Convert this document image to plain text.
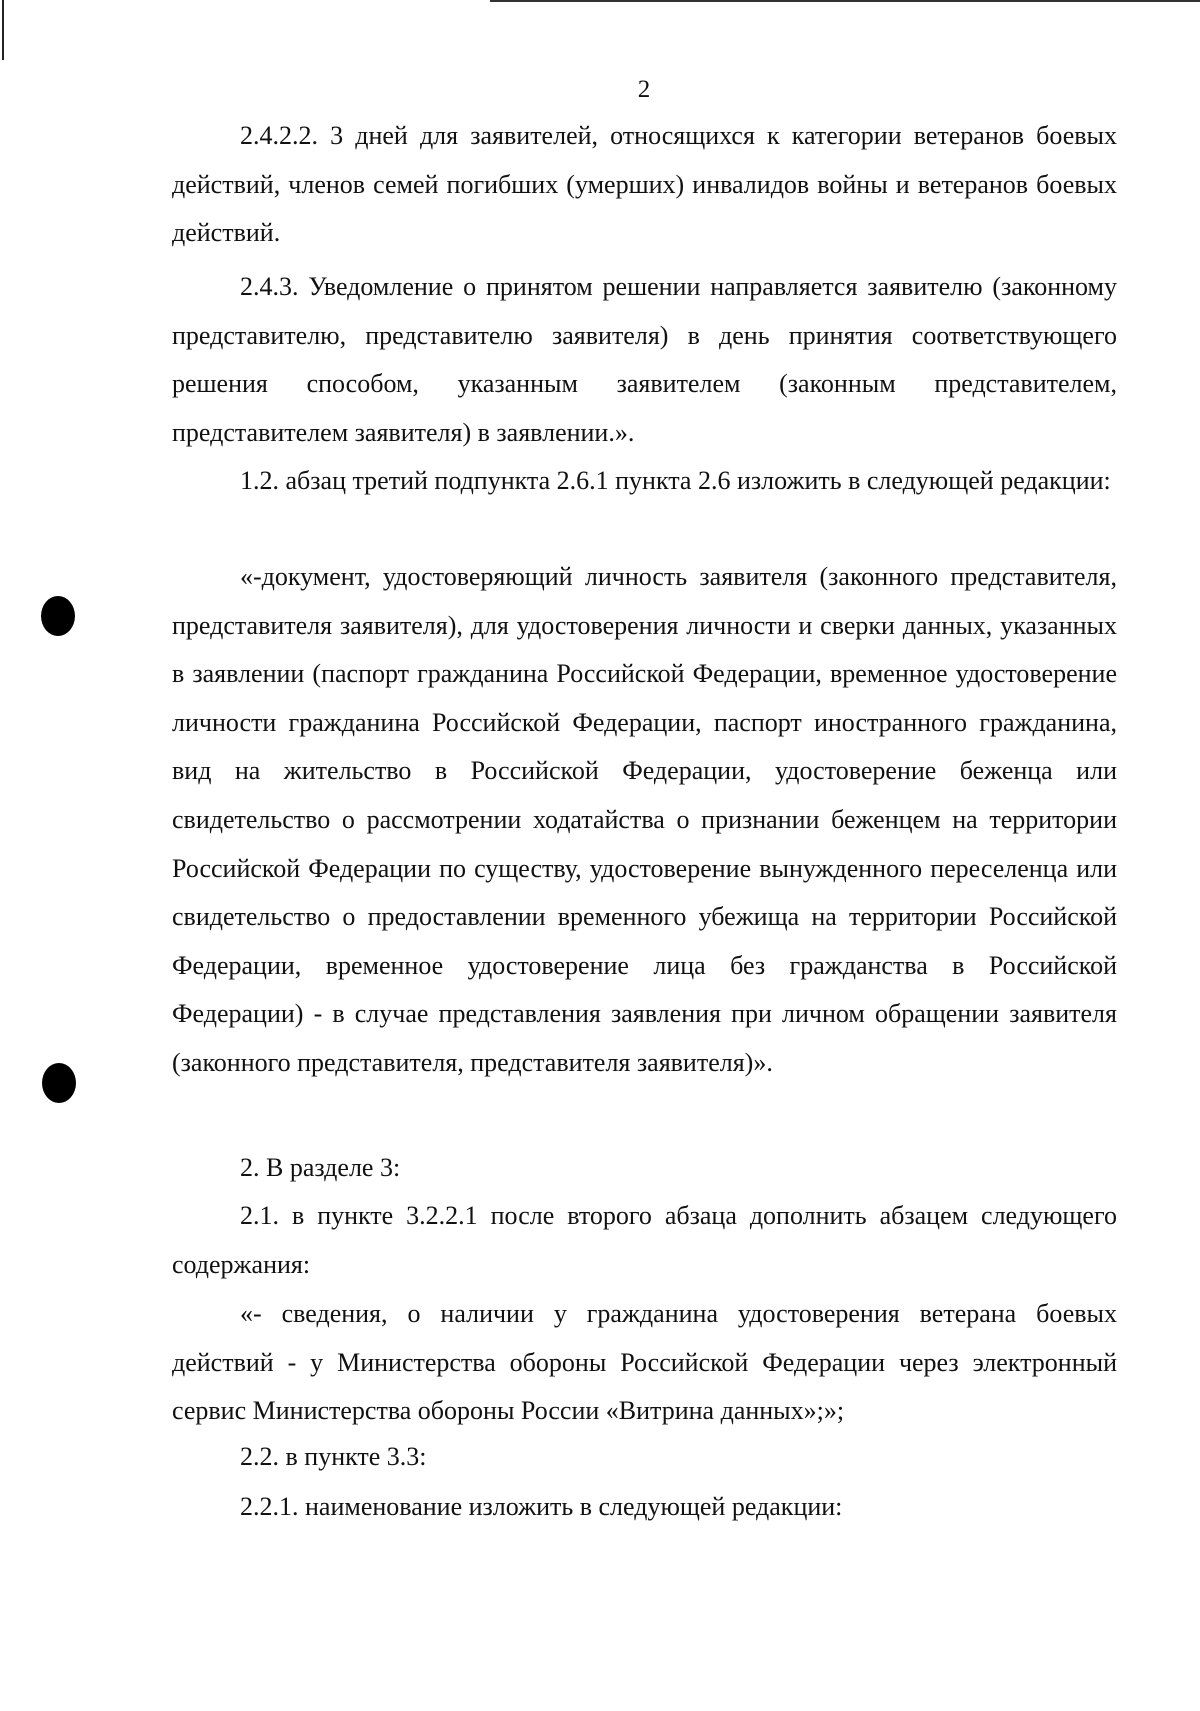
2

2.4.2.2. 3 дней для заявителей, относящихся к категории ветеранов боевых действий, членов семей погибших (умерших) инвалидов войны и ветеранов боевых действий.

2.4.3. Уведомление о принятом решении направляется заявителю (законному представителю, представителю заявителя) в день принятия соответствующего решения способом, указанным заявителем (законным представителем, представителем заявителя) в заявлении.».

1.2. абзац третий подпункта 2.6.1 пункта 2.6 изложить в следующей редакции:

«-документ, удостоверяющий личность заявителя (законного представителя, представителя заявителя), для удостоверения личности и сверки данных, указанных в заявлении (паспорт гражданина Российской Федерации, временное удостоверение личности гражданина Российской Федерации, паспорт иностранного гражданина, вид на жительство в Российской Федерации, удостоверение беженца или свидетельство о рассмотрении ходатайства о признании беженцем на территории Российской Федерации по существу, удостоверение вынужденного переселенца или свидетельство о предоставлении временного убежища на территории Российской Федерации, временное удостоверение лица без гражданства в Российской Федерации) - в случае представления заявления при личном обращении заявителя (законного представителя, представителя заявителя)».

2. В разделе 3:

2.1. в пункте 3.2.2.1 после второго абзаца дополнить абзацем следующего содержания:

«- сведения, о наличии у гражданина удостоверения ветерана боевых действий - у Министерства обороны Российской Федерации через электронный сервис Министерства обороны России «Витрина данных»;»;

2.2. в пункте 3.3:

2.2.1. наименование изложить в следующей редакции:
